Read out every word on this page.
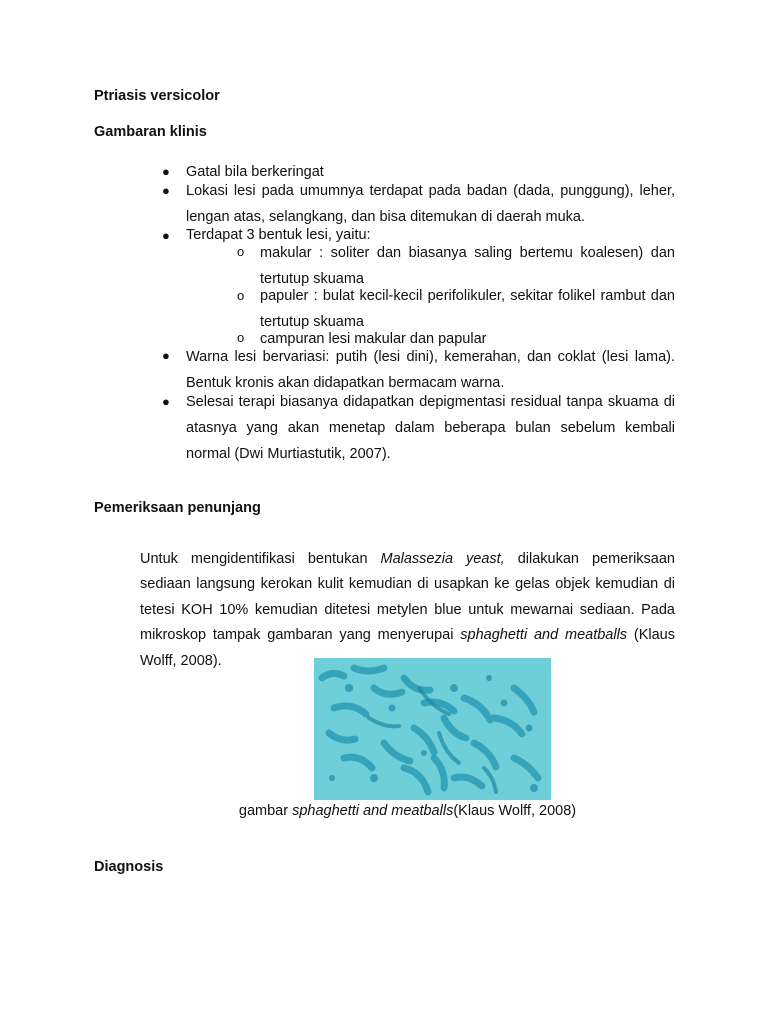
Ptriasis versicolor
Gambaran klinis
● Gatal bila berkeringat
● Lokasi lesi pada umumnya terdapat pada badan (dada, punggung), leher, lengan atas, selangkang, dan bisa ditemukan di daerah muka.
● Terdapat 3 bentuk lesi, yaitu:
o makular : soliter dan biasanya saling bertemu koalesen) dan tertutup skuama
o papuler : bulat kecil-kecil perifolikuler, sekitar folikel rambut dan tertutup skuama
o campuran lesi makular dan papular
● Warna lesi bervariasi: putih (lesi dini), kemerahan, dan coklat (lesi lama). Bentuk kronis akan didapatkan bermacam warna.
● Selesai terapi biasanya didapatkan depigmentasi residual tanpa skuama di atasnya yang akan menetap dalam beberapa bulan sebelum kembali normal (Dwi Murtiastutik, 2007).
Pemeriksaan penunjang

Untuk mengidentifikasi bentukan Malassezia yeast, dilakukan pemeriksaan sediaan langsung kerokan kulit kemudian di usapkan ke gelas objek kemudian di tetesi KOH 10% kemudian ditetesi metylen blue untuk mewarnai sediaan. Pada mikroskop tampak gambaran yang menyerupai sphaghetti and meatballs (Klaus Wolff, 2008).

gambar sphaghetti and meatballs(Klaus Wolff, 2008)
Diagnosis
